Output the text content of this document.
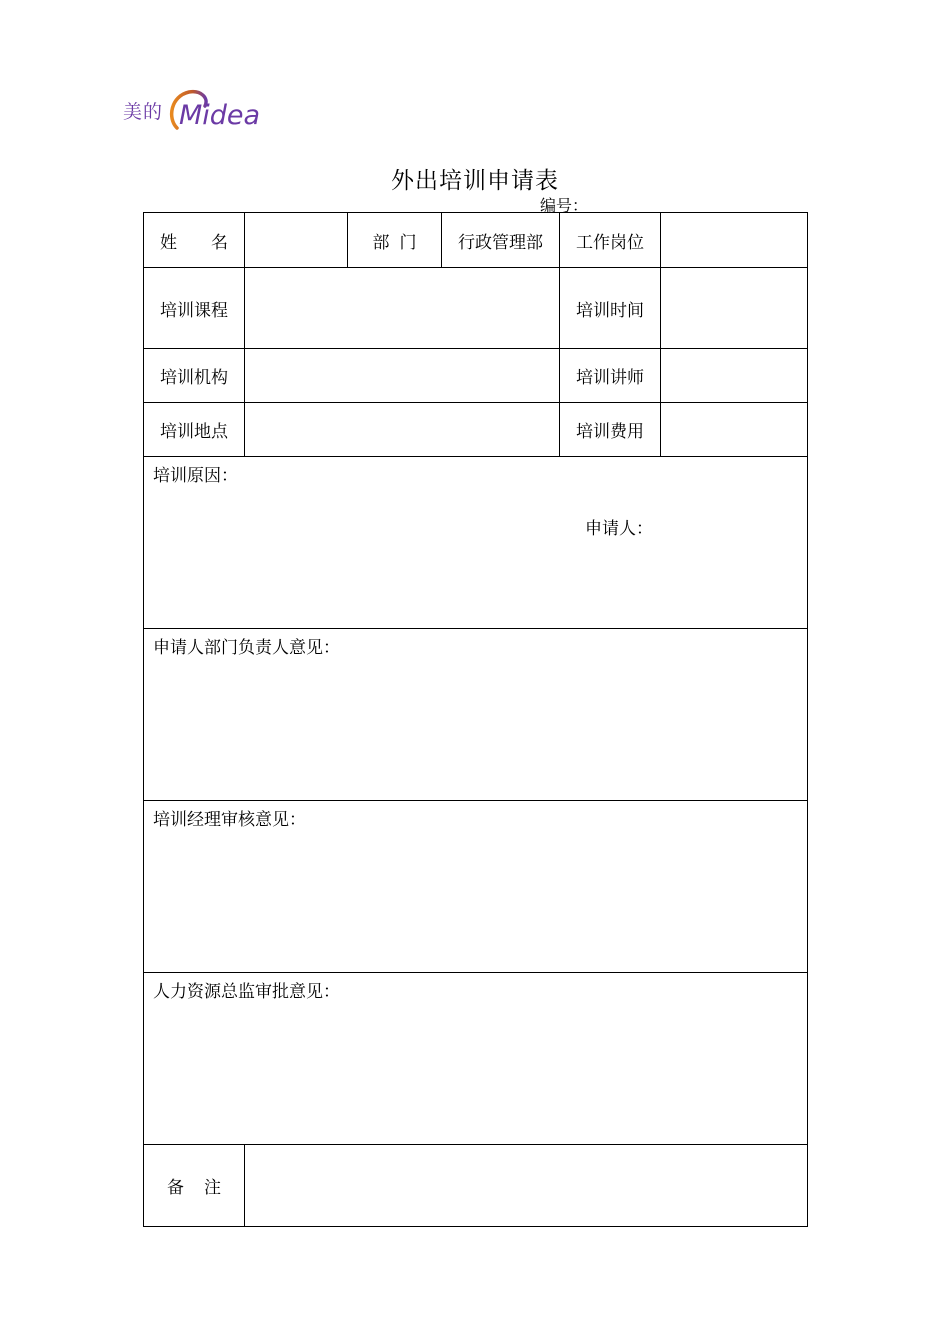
美的 Midea
外出培训申请表
编号：
姓 名		部 门	行政管理部	工作岗位	
培训课程				培训时间	
培训机构				培训讲师	
培训地点				培训费用	

培训原因：
申请人：					

申请人部门负责人意见：					

培训经理审核意见：					

人力资源总监审批意见：					

备 注					
